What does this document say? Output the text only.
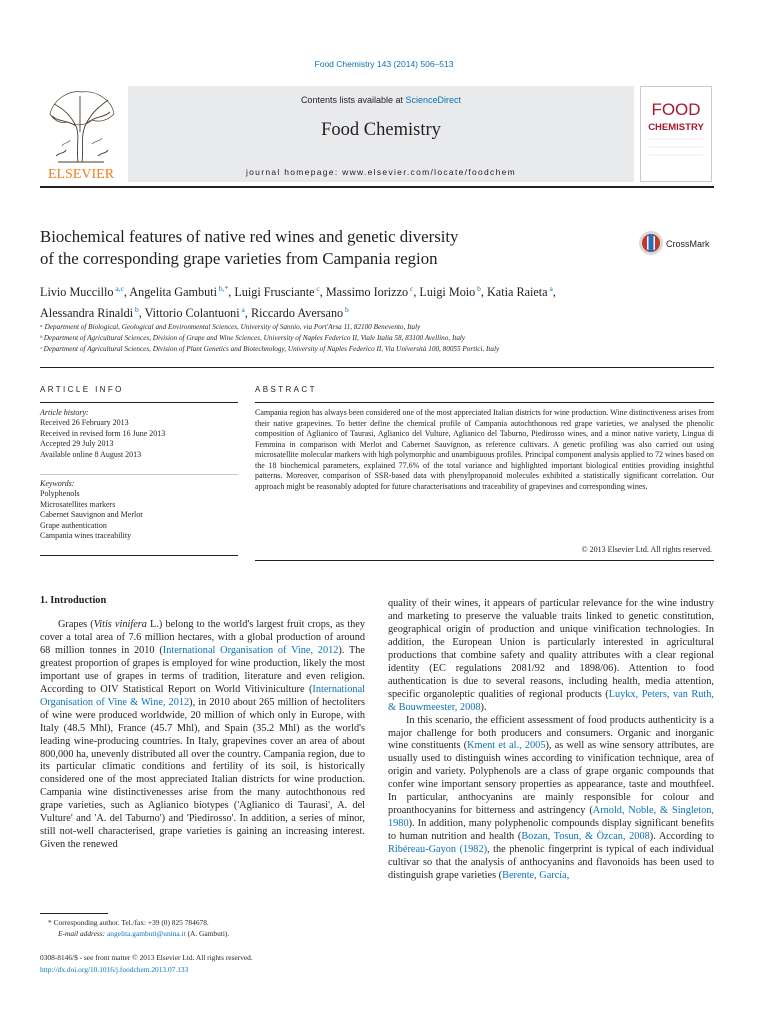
Food Chemistry 143 (2014) 506–513
ELSEVIER
Contents lists available at ScienceDirect
Food Chemistry
journal homepage: www.elsevier.com/locate/foodchem
FOOD
CHEMISTRY
Biochemical features of native red wines and genetic diversity
of the corresponding grape varieties from Campania region
CrossMark
Livio Muccillo $^{a,c}$, Angelita Gambuti $^{b,*}$, Luigi Frusciante $^c$, Massimo Iorizzo $^c$, Luigi Moio $^b$, Katia Raieta $^a$,
Alessandra Rinaldi $^b$, Vittorio Colantuoni $^a$, Riccardo Aversano $^b$
ᵃ Department of Biological, Geological and Environmental Sciences, University of Sannio, via Port'Arsa 11, 82100 Benevento, Italy
ᵇ Department of Agricultural Sciences, Division of Grape and Wine Sciences, University of Naples Federico II, Viale Italia 58, 83100 Avellino, Italy
ᶜ Department of Agricultural Sciences, Division of Plant Genetics and Biotechnology, University of Naples Federico II, Via Università 100, 80055 Portici, Italy
ARTICLE INFO	ABSTRACT
Article history:
Received 26 February 2013
Received in revised form 16 June 2013
Accepted 29 July 2013
Available online 8 August 2013
Keywords:
Polyphenols
Microsatellites markers
Cabernet Sauvignon and Merlot
Grape authentication
Campania wines traceability
Campania region has always been considered one of the most appreciated Italian districts for wine production. Wine distinctiveness arises from their native grapevines. To better define the chemical profile of Campania autochthonous red grape varieties, we analysed the phenolic composition of Aglianico of Taurasi, Aglianico del Vulture, Aglianico del Taburno, Piedirosso wines, and a minor native variety, Lingua di Femmina in comparison with Merlot and Cabernet Sauvignon, as reference cultivars. A genetic profiling was also carried out using microsatellite molecular markers with high polymorphic and unambiguous profiles. Principal component analysis applied to 72 wines based on the 18 biochemical parameters, explained 77.6% of the total variance and highlighted important biological entities providing insightful patterns. Moreover, comparison of SSR-based data with phenylpropanoid molecules exhibited a statistically significant correlation. Our approach might be reasonably adopted for future characterisations and traceability of grapevines and corresponding wines.
© 2013 Elsevier Ltd. All rights reserved.
1. Introduction

Grapes (Vitis vinifera L.) belong to the world's largest fruit crops, as they cover a total area of 7.6 million hectares, with a global production of around 68 million tonnes in 2010 (International Organisation of Vine, 2012). The greatest proportion of grapes is employed for wine production, likely the most important use of grapes in terms of tradition, literature and even religion. According to OIV Statistical Report on World Vitiviniculture (International Organisation of Vine & Wine, 2012), in 2010 about 265 million of hectoliters of wine were produced worldwide, 20 million of which only in Europe, with Italy (48.5 Mhl), France (45.7 Mhl), and Spain (35.2 Mhl) as the world's leading wine-producing countries. In Italy, grapevines cover an area of about 800,000 ha, unevenly distributed all over the country. Campania region, due to its particular climatic conditions and fertility of its soil, is historically considered one of the most appreciated Italian districts for wine production. Campania wine distinctivenesses arise from the many autochthonous red grape varieties, such as Aglianico biotypes ('Aglianico di Taurasi', A. del Vulture' and 'A. del Taburno') and 'Piedirosso'. In addition, a series of minor, still not-well characterised, grape varieties is gaining an increasing interest. Given the renewed

quality of their wines, it appears of particular relevance for the wine industry and marketing to preserve the valuable traits linked to genetic constitution, geographical origin of production and unique vinification technologies. In addition, the European Union is particularly interested in agricultural productions that combine safety and quality attributes with a clear regional identity (EC regulations 2081/92 and 1898/06). Attention to food authentication is due to several reasons, including health, media attention, specific organoleptic qualities of regional products (Luykx, Peters, van Ruth, & Bouwmeester, 2008).

In this scenario, the efficient assessment of food products authenticity is a major challenge for both producers and consumers. Organic and inorganic wine constituents (Kment et al., 2005), as well as wine sensory attributes, are usually used to distinguish wines according to vinification technique, area of origin and variety. Polyphenols are a class of grape organic compounds that confer wine important sensory properties as appearance, taste and mouthfeel. In particular, anthocyanins are mainly responsible for colour and proanthocyanins for bitterness and astringency (Arnold, Noble, & Singleton, 1980). In addition, many polyphenolic compounds display significant benefits to human nutrition and health (Bozan, Tosun, & Özcan, 2008). According to Ribéreau-Gayon (1982), the phenolic fingerprint is typical of each individual cultivar so that the analysis of anthocyanins and flavonoids has been used to distinguish grape varieties (Berente, García,

* Corresponding author. Tel./fax: +39 (0) 825 784678.
E-mail address: angelita.gambuti@unina.it (A. Gambuti).
0308-8146/$ - see front matter © 2013 Elsevier Ltd. All rights reserved.
http://dx.doi.org/10.1016/j.foodchem.2013.07.133
